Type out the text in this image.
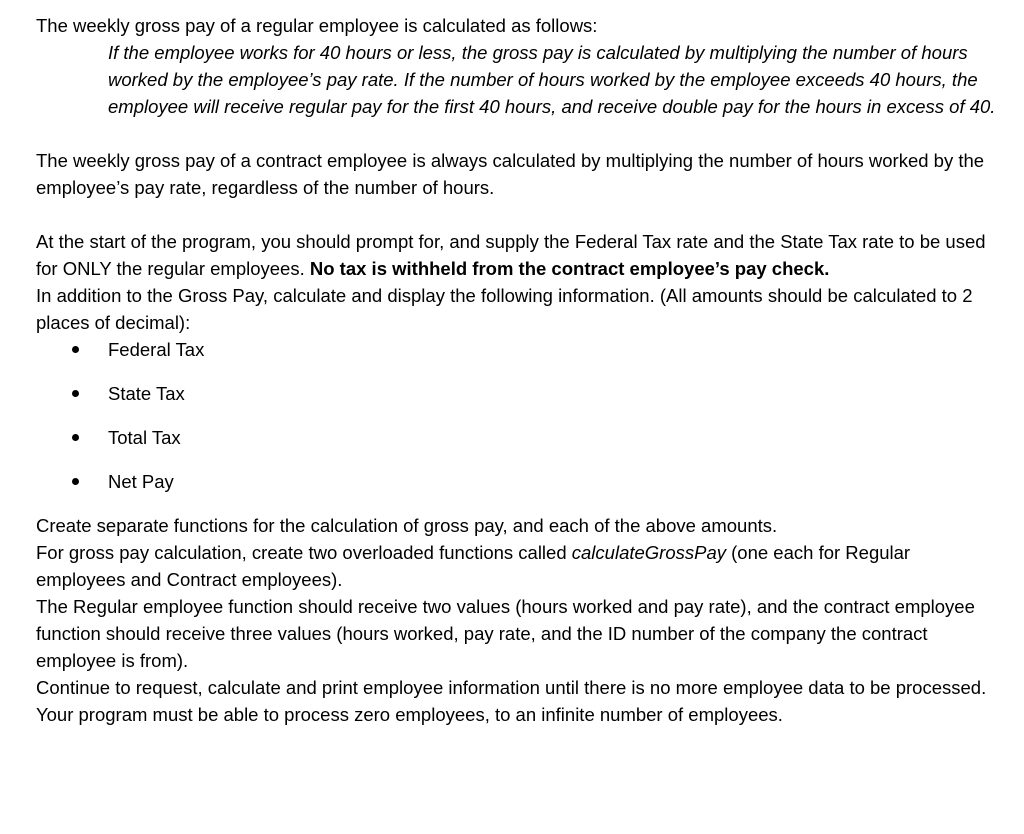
The weekly gross pay of a regular employee is calculated as follows:

If the employee works for 40 hours or less, the gross pay is calculated by multiplying the number of hours worked by the employee’s pay rate. If the number of hours worked by the employee exceeds 40 hours, the employee will receive regular pay for the first 40 hours, and receive double pay for the hours in excess of 40.

The weekly gross pay of a contract employee is always calculated by multiplying the number of hours worked by the employee’s pay rate, regardless of the number of hours.

At the start of the program, you should prompt for, and supply the Federal Tax rate and the State Tax rate to be used for ONLY the regular employees. No tax is withheld from the contract employee’s pay check.

In addition to the Gross Pay, calculate and display the following information. (All amounts should be calculated to 2 places of decimal):

Federal Tax
State Tax
Total Tax
Net Pay

Create separate functions for the calculation of gross pay, and each of the above amounts.

For gross pay calculation, create two overloaded functions called calculateGrossPay (one each for Regular employees and Contract employees).

The Regular employee function should receive two values (hours worked and pay rate), and the contract employee function should receive three values (hours worked, pay rate, and the ID number of the company the contract employee is from).

Continue to request, calculate and print employee information until there is no more employee data to be processed. Your program must be able to process zero employees, to an infinite number of employees.
